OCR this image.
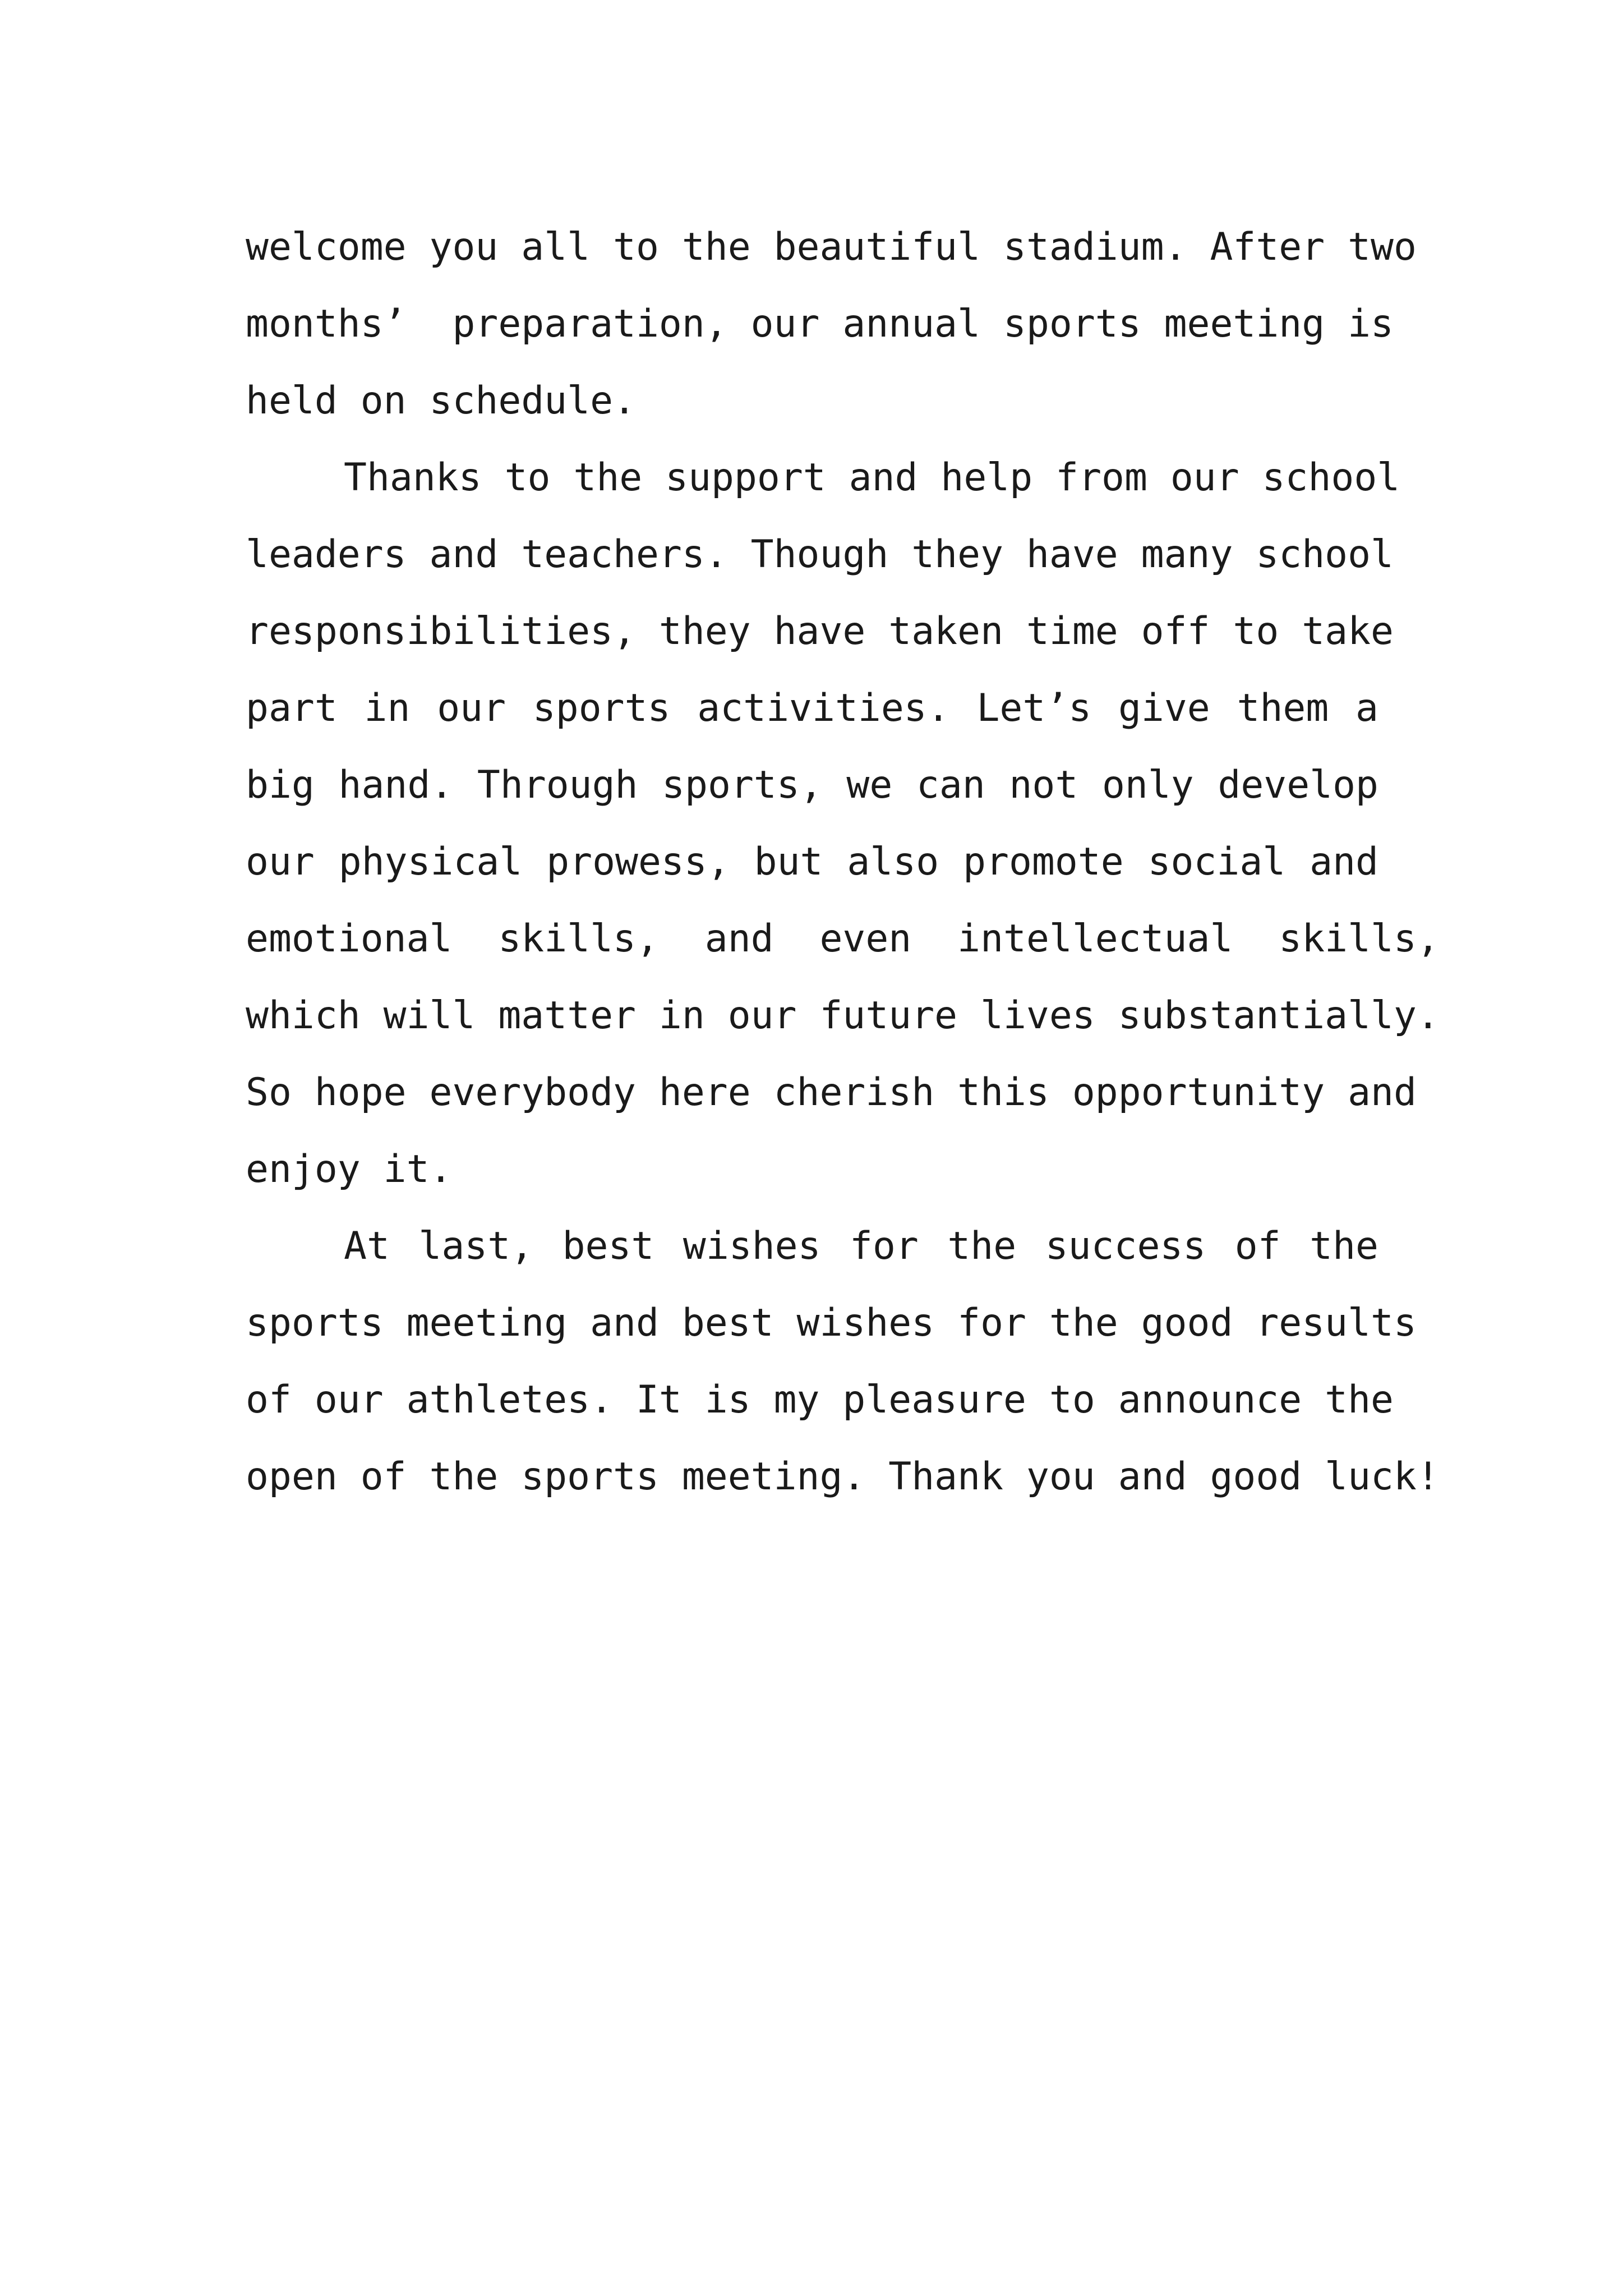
welcome you all to the beautiful stadium. After two
months’  preparation, our annual sports meeting is
held on schedule.
Thanks to the support and help from our school
leaders and teachers. Though they have many school
responsibilities, they have taken time off to take
part in our sports activities. Let’s give them a
big hand. Through sports, we can not only develop
our physical prowess, but also promote social and
emotional  skills,  and  even  intellectual  skills,
which will matter in our future lives substantially.
So hope everybody here cherish this opportunity and
enjoy it.
At last, best wishes for the success of the
sports meeting and best wishes for the good results
of our athletes. It is my pleasure to announce the
open of the sports meeting. Thank you and good luck!
